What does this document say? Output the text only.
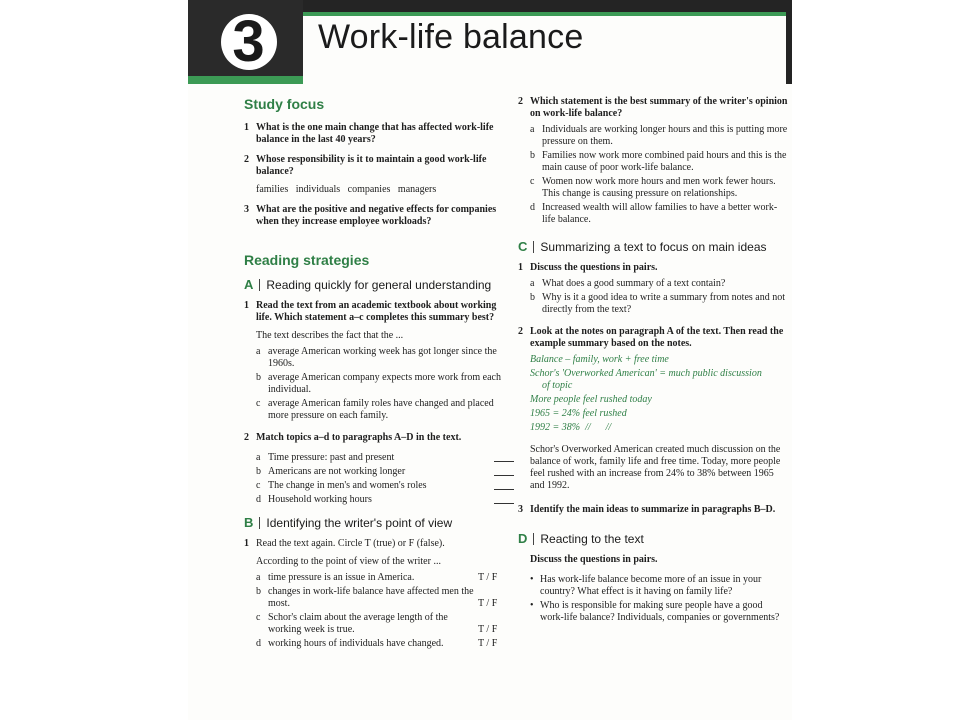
3	Work-life balance
Study focus
1 What is the one main change that has affected work-life balance in the last 40 years?
2 Whose responsibility is it to maintain a good work-life balance?
families   individuals   companies   managers
3 What are the positive and negative effects for companies when they increase employee workloads?
Reading strategies
A Reading quickly for general understanding
1 Read the text from an academic textbook about working life. Which statement a–c completes this summary best?
The text describes the fact that the ...
a average American working week has got longer since the 1960s.
b average American company expects more work from each individual.
c average American family roles have changed and placed more pressure on each family.
2 Match topics a–d to paragraphs A–D in the text.
a Time pressure: past and present
b Americans are not working longer
c The change in men's and women's roles
d Household working hours
B Identifying the writer's point of view
1 Read the text again. Circle T (true) or F (false).
According to the point of view of the writer ...
a time pressure is an issue in America.	T / F
b changes in work-life balance have affected men the most.	T / F
c Schor's claim about the average length of the working week is true.	T / F
d working hours of individuals have changed.	T / F
2 Which statement is the best summary of the writer's opinion on work-life balance?
a Individuals are working longer hours and this is putting more pressure on them.
b Families now work more combined paid hours and this is the main cause of poor work-life balance.
c Women now work more hours and men work fewer hours. This change is causing pressure on relationships.
d Increased wealth will allow families to have a better work-life balance.
C Summarizing a text to focus on main ideas
1 Discuss the questions in pairs.
a What does a good summary of a text contain?
b Why is it a good idea to write a summary from notes and not directly from the text?
2 Look at the notes on paragraph A of the text. Then read the example summary based on the notes.
Balance – family, work + free time
Schor's 'Overworked American' = much public discussion
of topic
More people feel rushed today
1965 = 24% feel rushed
1992 = 38%  //      //
Schor's Overworked American created much discussion on the balance of work, family life and free time. Today, more people feel rushed with an increase from 24% to 38% between 1965 and 1992.
3 Identify the main ideas to summarize in paragraphs B–D.
D Reacting to the text
Discuss the questions in pairs.
• Has work-life balance become more of an issue in your country? What effect is it having on family life?
• Who is responsible for making sure people have a good work-life balance? Individuals, companies or governments?
